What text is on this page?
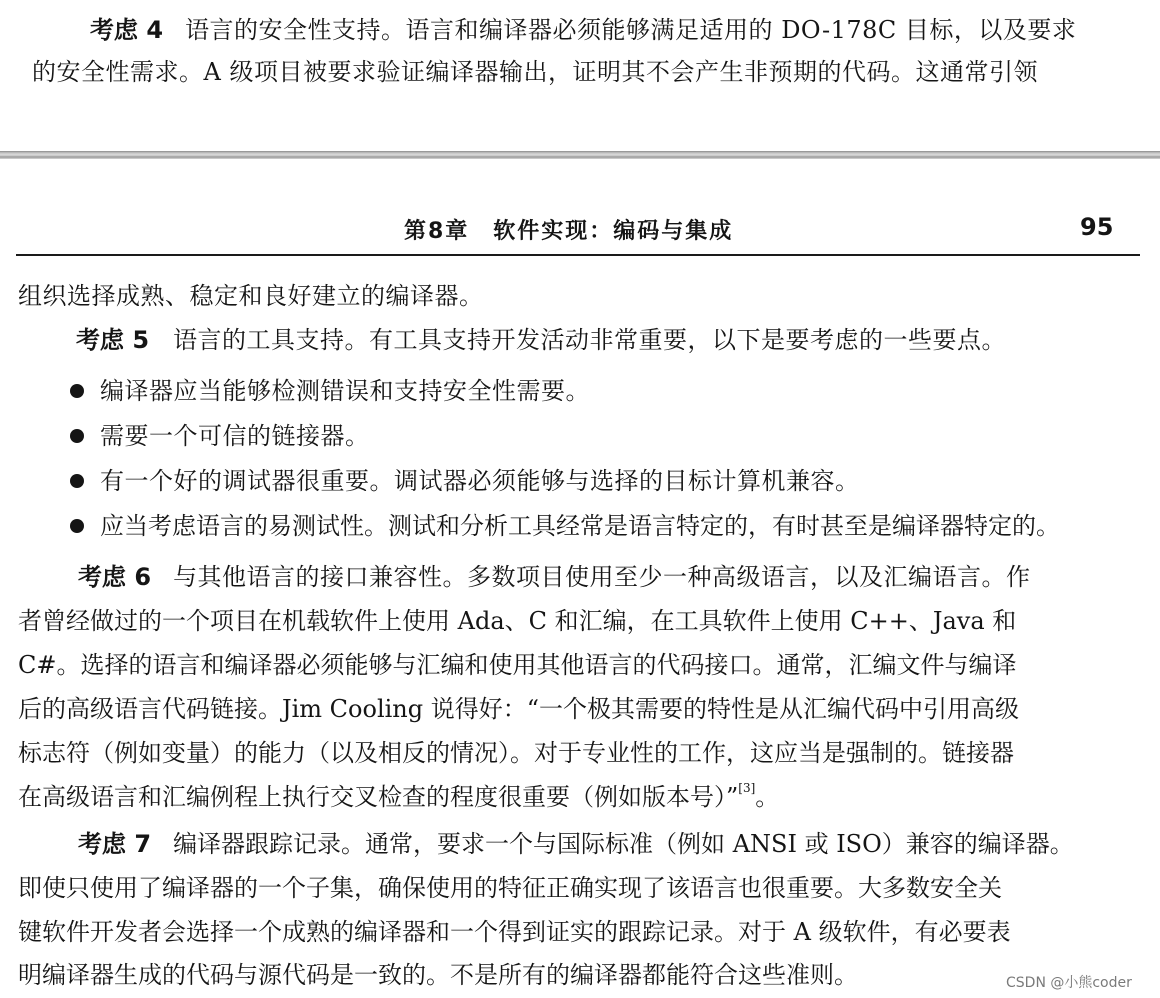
考虑 4 语言的安全性支持。语言和编译器必须能够满足适用的 DO-178C 目标，以及要求
的安全性需求。A 级项目被要求验证编译器输出，证明其不会产生非预期的代码。这通常引领
第8章　软件实现：编码与集成	95
组织选择成熟、稳定和良好建立的编译器。
考虑 5 语言的工具支持。有工具支持开发活动非常重要，以下是要考虑的一些要点。
编译器应当能够检测错误和支持安全性需要。
需要一个可信的链接器。
有一个好的调试器很重要。调试器必须能够与选择的目标计算机兼容。
应当考虑语言的易测试性。测试和分析工具经常是语言特定的，有时甚至是编译器特定的。
考虑 6 与其他语言的接口兼容性。多数项目使用至少一种高级语言，以及汇编语言。作
者曾经做过的一个项目在机载软件上使用 Ada、C 和汇编，在工具软件上使用 C++、Java 和
C#。选择的语言和编译器必须能够与汇编和使用其他语言的代码接口。通常，汇编文件与编译
后的高级语言代码链接。Jim Cooling 说得好：“一个极其需要的特性是从汇编代码中引用高级
标志符（例如变量）的能力（以及相反的情况）。对于专业性的工作，这应当是强制的。链接器
在高级语言和汇编例程上执行交叉检查的程度很重要（例如版本号）”[3]。
考虑 7 编译器跟踪记录。通常，要求一个与国际标准（例如 ANSI 或 ISO）兼容的编译器。
即使只使用了编译器的一个子集，确保使用的特征正确实现了该语言也很重要。大多数安全关
键软件开发者会选择一个成熟的编译器和一个得到证实的跟踪记录。对于 A 级软件，有必要表
明编译器生成的代码与源代码是一致的。不是所有的编译器都能符合这些准则。	CSDN @小熊coder
